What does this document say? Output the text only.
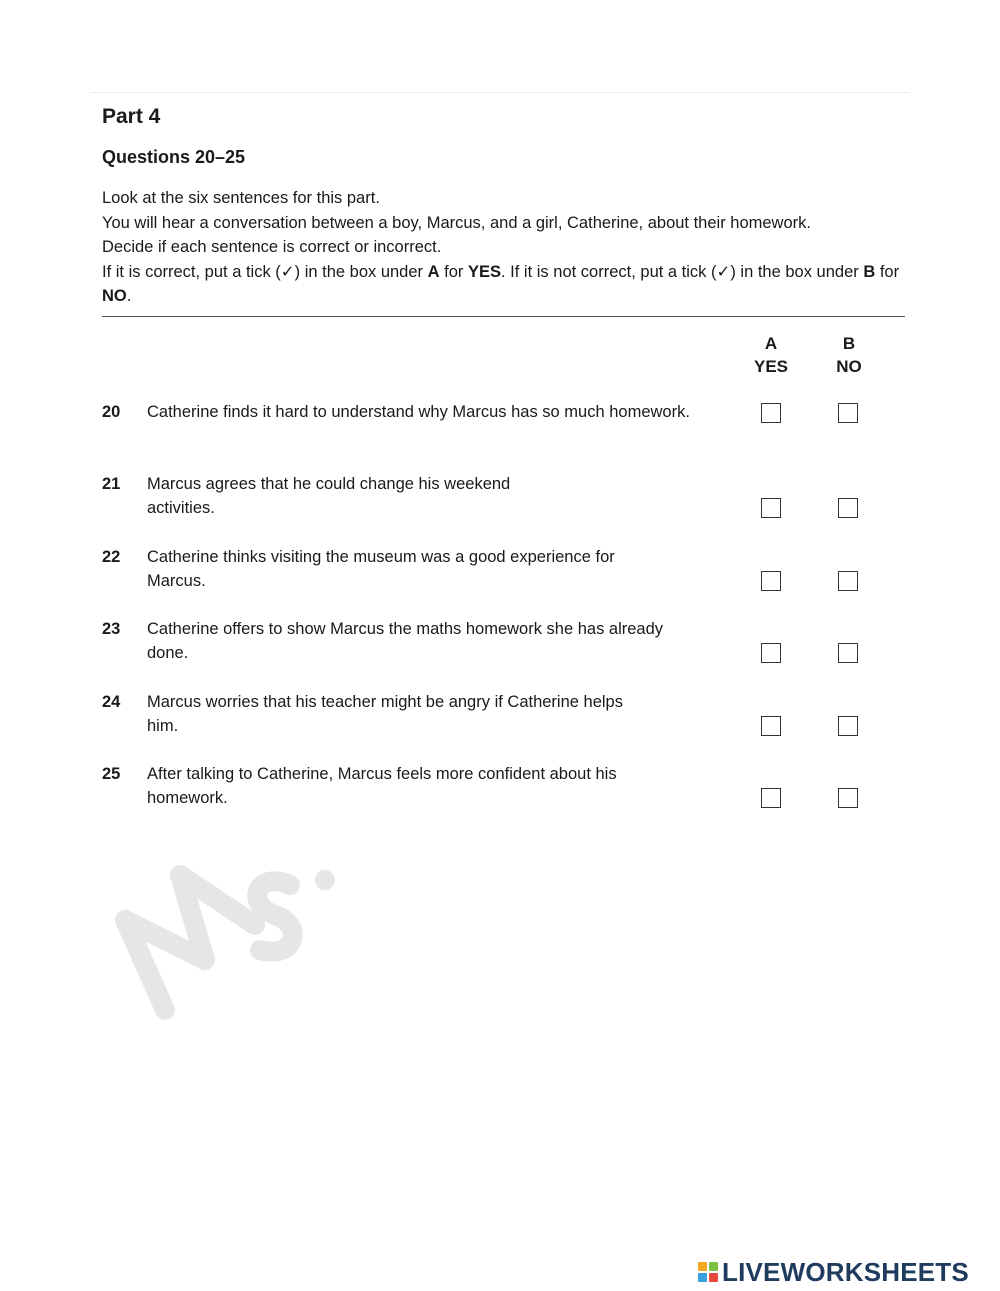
Part 4
Questions 20–25

Look at the six sentences for this part.

You will hear a conversation between a boy, Marcus, and a girl, Catherine, about their homework.

Decide if each sentence is correct or incorrect.

If it is correct, put a tick (✓) in the box under A for YES. If it is not correct, put a tick (✓) in the box under B for NO.

A
YES
B
NO
20 Catherine finds it hard to understand why Marcus has so much homework.
21 Marcus agrees that he could change his weekend activities.
22 Catherine thinks visiting the museum was a good experience for Marcus.
23 Catherine offers to show Marcus the maths homework she has already done.
24 Marcus worries that his teacher might be angry if Catherine helps him.
25 After talking to Catherine, Marcus feels more confident about his homework.
LIVEWORKSHEETS
